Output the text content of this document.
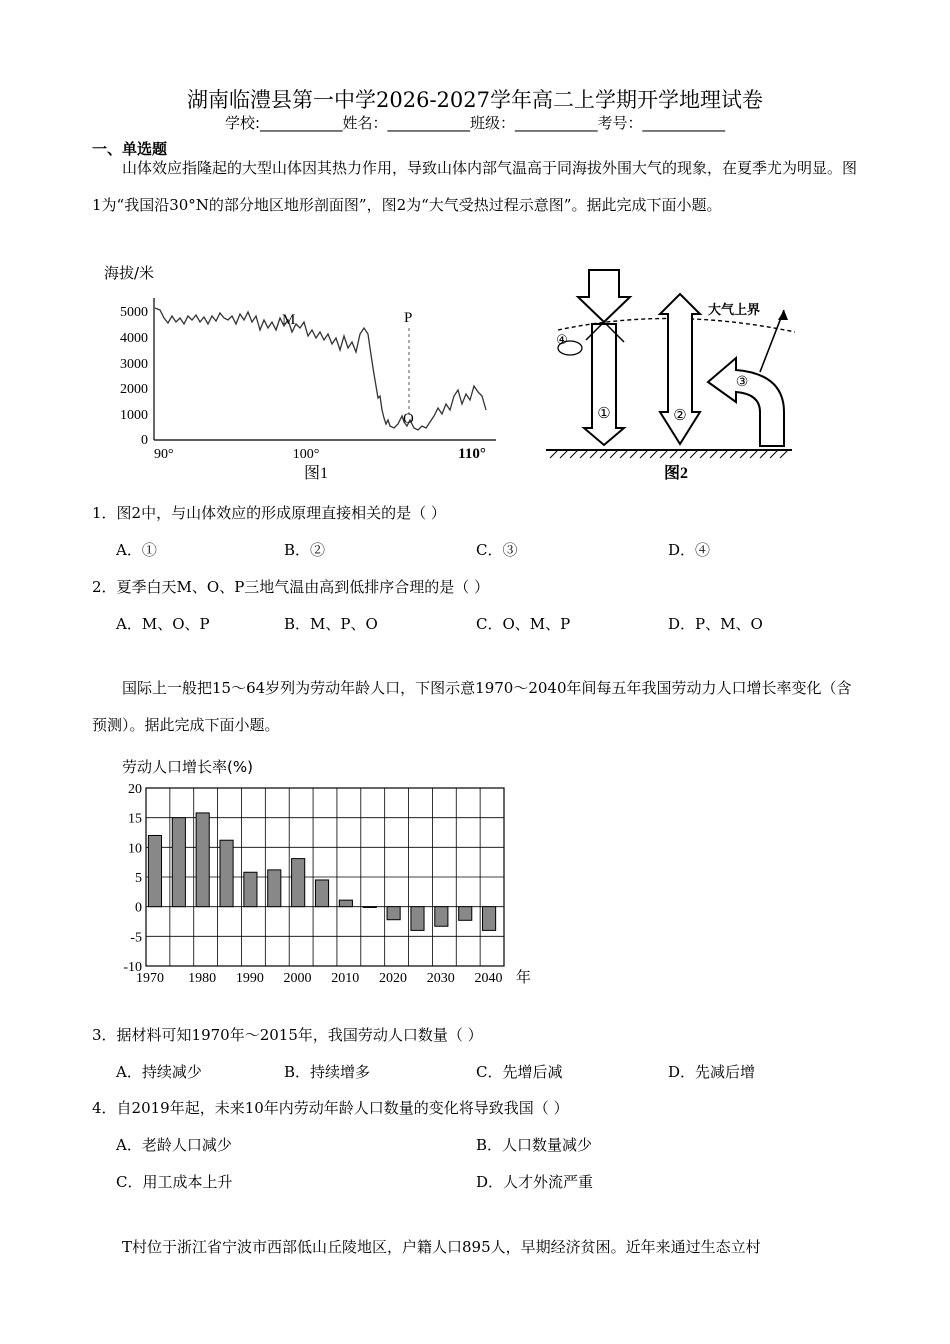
湖南临澧县第一中学2026-2027学年高二上学期开学地理试卷
学校:___________姓名：___________班级：___________考号：___________
一、单选题
山体效应指隆起的大型山体因其热力作用，导致山体内部气温高于同海拔外围大气的现象，在夏季尤为明显。图1为“我国沿30°N的部分地区地形剖面图”，图2为“大气受热过程示意图”。据此完成下面小题。
海拔/米
5000
4000
3000
2000
1000
0
M	P
O
90°	100°	110°
图1
大气上界
①
④
②
③
图2
1．图2中，与山体效应的形成原理直接相关的是（ ）
A．①	B．②	C．③	D．④
2．夏季白天M、O、P三地气温由高到低排序合理的是（ ）
A．M、O、P	B．M、P、O	C．O、M、P	D．P、M、O
国际上一般把15～64岁列为劳动年龄人口，下图示意1970～2040年间每五年我国劳动力人口增长率变化（含预测）。据此完成下面小题。
劳动人口增长率(%)
20
15
10
5
0
-5
-10
1970 1980 1990 2000 2010 2020 2030 2040 年
3．据材料可知1970年～2015年，我国劳动人口数量（ ）
A．持续减少	B．持续增多	C．先增后减	D．先减后增
4．自2019年起，未来10年内劳动年龄人口数量的变化将导致我国（ ）
A．老龄人口减少	B．人口数量减少
C．用工成本上升	D．人才外流严重
T村位于浙江省宁波市西部低山丘陵地区，户籍人口895人，早期经济贫困。近年来通过生态立村
